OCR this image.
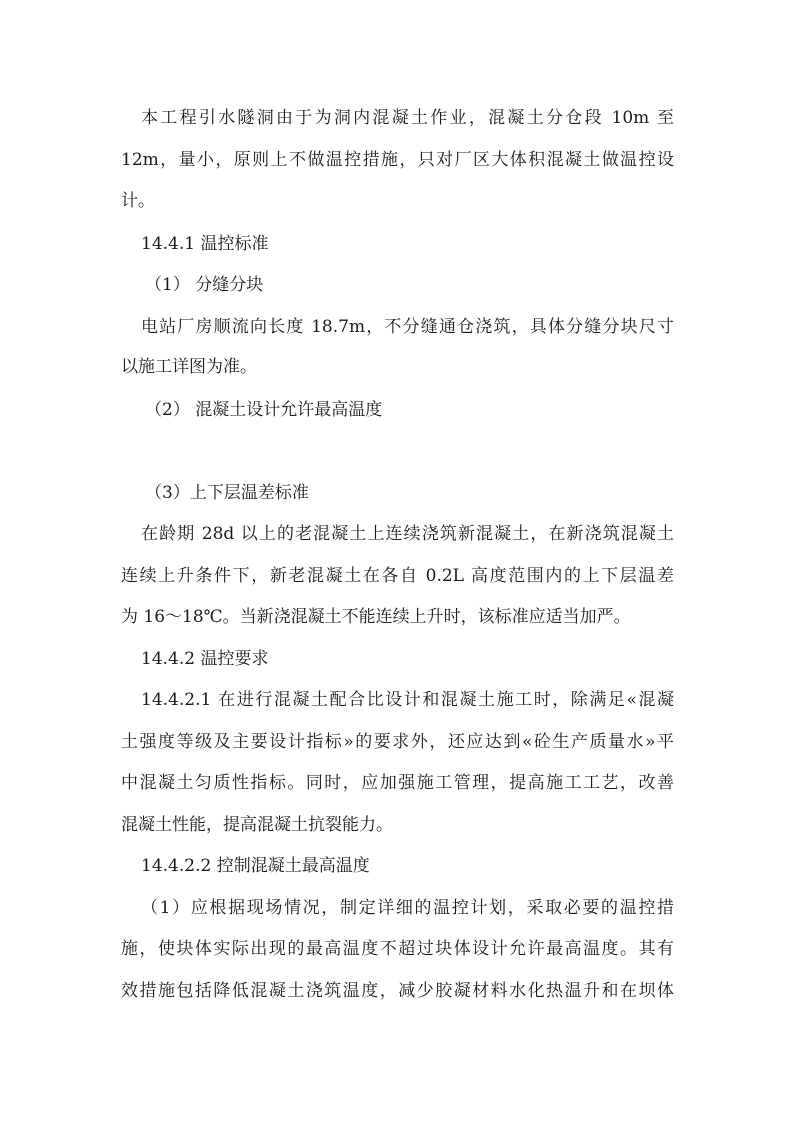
本工程引水隧洞由于为洞内混凝土作业，混凝土分仓段 10m 至
12m，量小，原则上不做温控措施，只对厂区大体积混凝土做温控设
计。
14.4.1 温控标准
（1） 分缝分块
电站厂房顺流向长度 18.7m，不分缝通仓浇筑，具体分缝分块尺寸
以施工详图为准。
（2） 混凝土设计允许最高温度
（3）上下层温差标准
在龄期 28d 以上的老混凝土上连续浇筑新混凝土，在新浇筑混凝土
连续上升条件下，新老混凝土在各自 0.2L 高度范围内的上下层温差
为 16～18℃。当新浇混凝土不能连续上升时，该标准应适当加严。
14.4.2 温控要求
14.4.2.1 在进行混凝土配合比设计和混凝土施工时，除满足«混凝
土强度等级及主要设计指标»的要求外，还应达到«砼生产质量水»平
中混凝土匀质性指标。同时，应加强施工管理，提高施工工艺，改善
混凝土性能，提高混凝土抗裂能力。
14.4.2.2 控制混凝土最高温度
（1）应根据现场情况，制定详细的温控计划，采取必要的温控措
施，使块体实际出现的最高温度不超过块体设计允许最高温度。其有
效措施包括降低混凝土浇筑温度，减少胶凝材料水化热温升和在坝体
